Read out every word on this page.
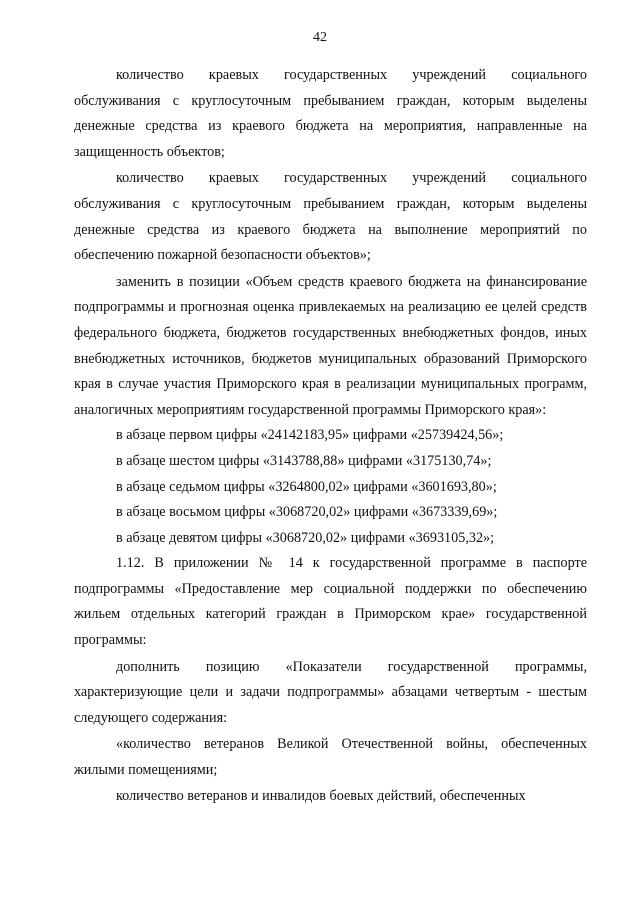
42

количество краевых государственных учреждений социального обслуживания с круглосуточным пребыванием граждан, которым выделены денежные средства из краевого бюджета на мероприятия, направленные на защищенность объектов;

количество краевых государственных учреждений социального обслуживания с круглосуточным пребыванием граждан, которым выделены денежные средства из краевого бюджета на выполнение мероприятий по обеспечению пожарной безопасности объектов»;

заменить в позиции «Объем средств краевого бюджета на финансирование подпрограммы и прогнозная оценка привлекаемых на реализацию ее целей средств федерального бюджета, бюджетов государственных внебюджетных фондов, иных внебюджетных источников, бюджетов муниципальных образований Приморского края в случае участия Приморского края в реализации муниципальных программ, аналогичных мероприятиям государственной программы Приморского края»:

в абзаце первом цифры «24142183,95» цифрами «25739424,56»;

в абзаце шестом цифры «3143788,88» цифрами «3175130,74»;

в абзаце седьмом цифры «3264800,02» цифрами «3601693,80»;

в абзаце восьмом цифры «3068720,02» цифрами «3673339,69»;

в абзаце девятом цифры «3068720,02» цифрами «3693105,32»;

1.12. В приложении № 14 к государственной программе в паспорте подпрограммы «Предоставление мер социальной поддержки по обеспечению жильем отдельных категорий граждан в Приморском крае» государственной программы:

дополнить позицию «Показатели государственной программы, характеризующие цели и задачи подпрограммы» абзацами четвертым - шестым следующего содержания:

«количество ветеранов Великой Отечественной войны, обеспеченных жилыми помещениями;

количество ветеранов и инвалидов боевых действий, обеспеченных
